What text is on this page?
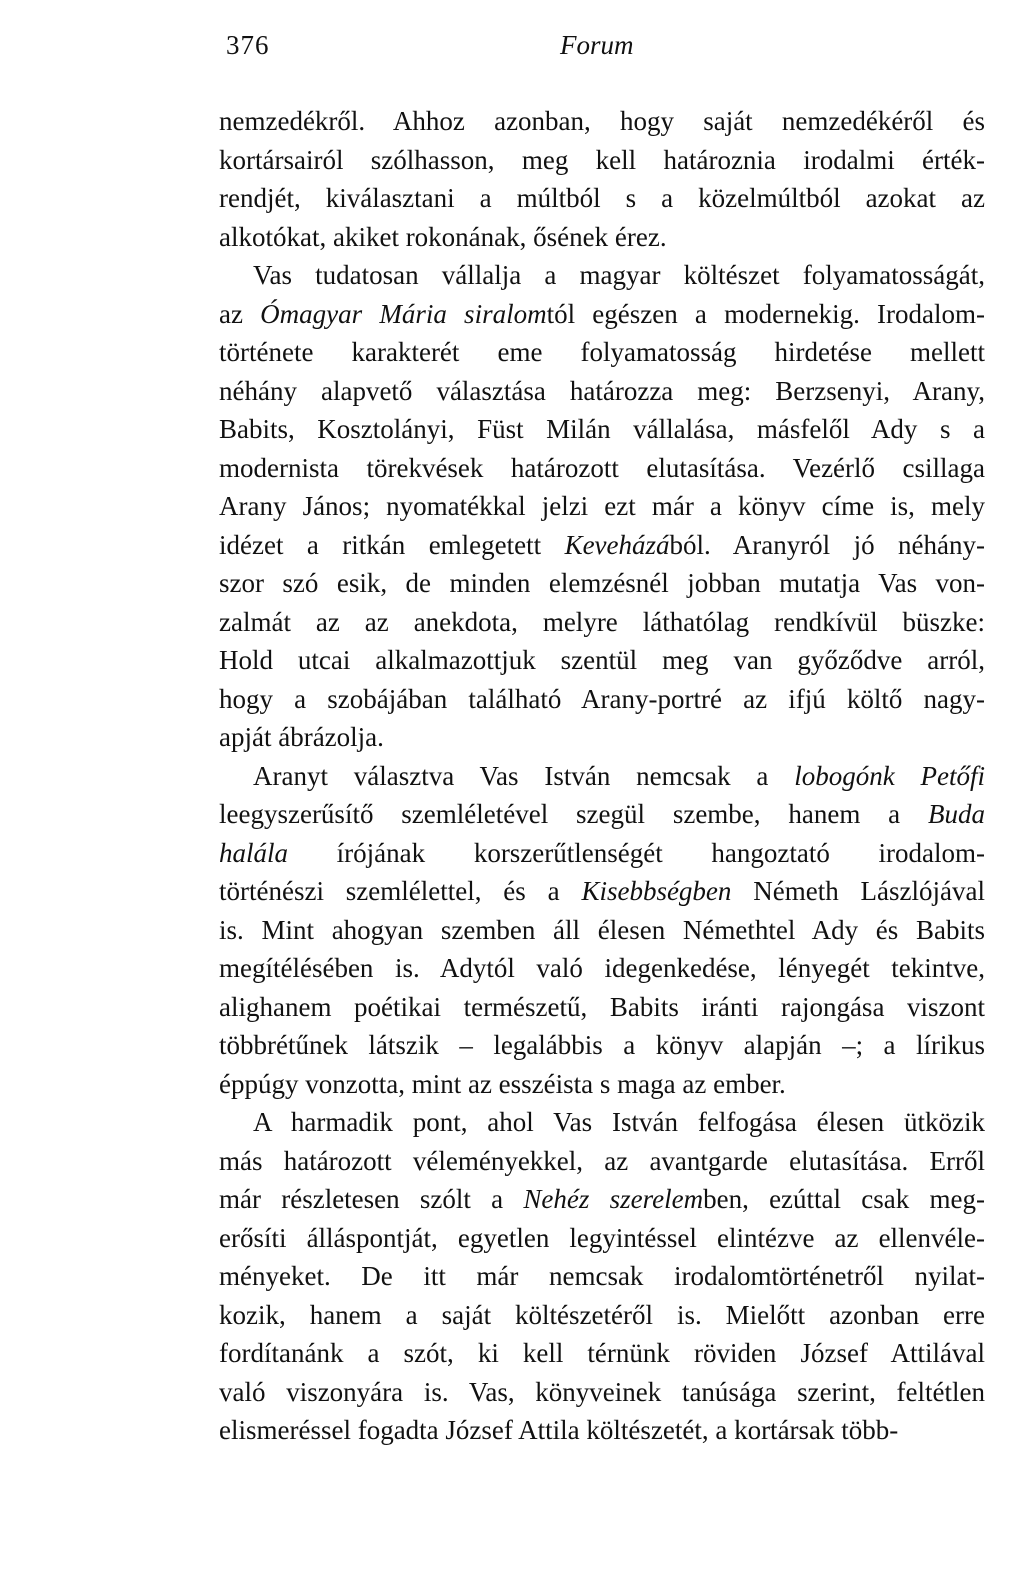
376	Forum
nemzedékről. Ahhoz azonban, hogy saját nemzedékéről és
kortársairól szólhasson, meg kell határoznia irodalmi érték-
rendjét, kiválasztani a múltból s a közelmúltból azokat az
alkotókat, akiket rokonának, ősének érez.
Vas tudatosan vállalja a magyar költészet folyamatosságát,
az Ómagyar Mária siralomtól egészen a modernekig. Irodalom-
története karakterét eme folyamatosság hirdetése mellett
néhány alapvető választása határozza meg: Berzsenyi, Arany,
Babits, Kosztolányi, Füst Milán vállalása, másfelől Ady s a
modernista törekvések határozott elutasítása. Vezérlő csillaga
Arany János; nyomatékkal jelzi ezt már a könyv címe is, mely
idézet a ritkán emlegetett Keveházából. Aranyról jó néhány-
szor szó esik, de minden elemzésnél jobban mutatja Vas von-
zalmát az az anekdota, melyre láthatólag rendkívül büszke:
Hold utcai alkalmazottjuk szentül meg van győződve arról,
hogy a szobájában található Arany-portré az ifjú költő nagy-
apját ábrázolja.
Aranyt választva Vas István nemcsak a lobogónk Petőfi
leegyszerűsítő szemléletével szegül szembe, hanem a Buda
halála írójának korszerűtlenségét hangoztató irodalom-
történészi szemlélettel, és a Kisebbségben Németh Lászlójával
is. Mint ahogyan szemben áll élesen Némethtel Ady és Babits
megítélésében is. Adytól való idegenkedése, lényegét tekintve,
alighanem poétikai természetű, Babits iránti rajongása viszont
többrétűnek látszik – legalábbis a könyv alapján –; a lírikus
éppúgy vonzotta, mint az esszéista s maga az ember.
A harmadik pont, ahol Vas István felfogása élesen ütközik
más határozott véleményekkel, az avantgarde elutasítása. Erről
már részletesen szólt a Nehéz szerelemben, ezúttal csak meg-
erősíti álláspontját, egyetlen legyintéssel elintézve az ellenvéle-
ményeket. De itt már nemcsak irodalomtörténetről nyilat-
kozik, hanem a saját költészetéről is. Mielőtt azonban erre
fordítanánk a szót, ki kell térnünk röviden József Attilával
való viszonyára is. Vas, könyveinek tanúsága szerint, feltétlen
elismeréssel fogadta József Attila költészetét, a kortársak több-
